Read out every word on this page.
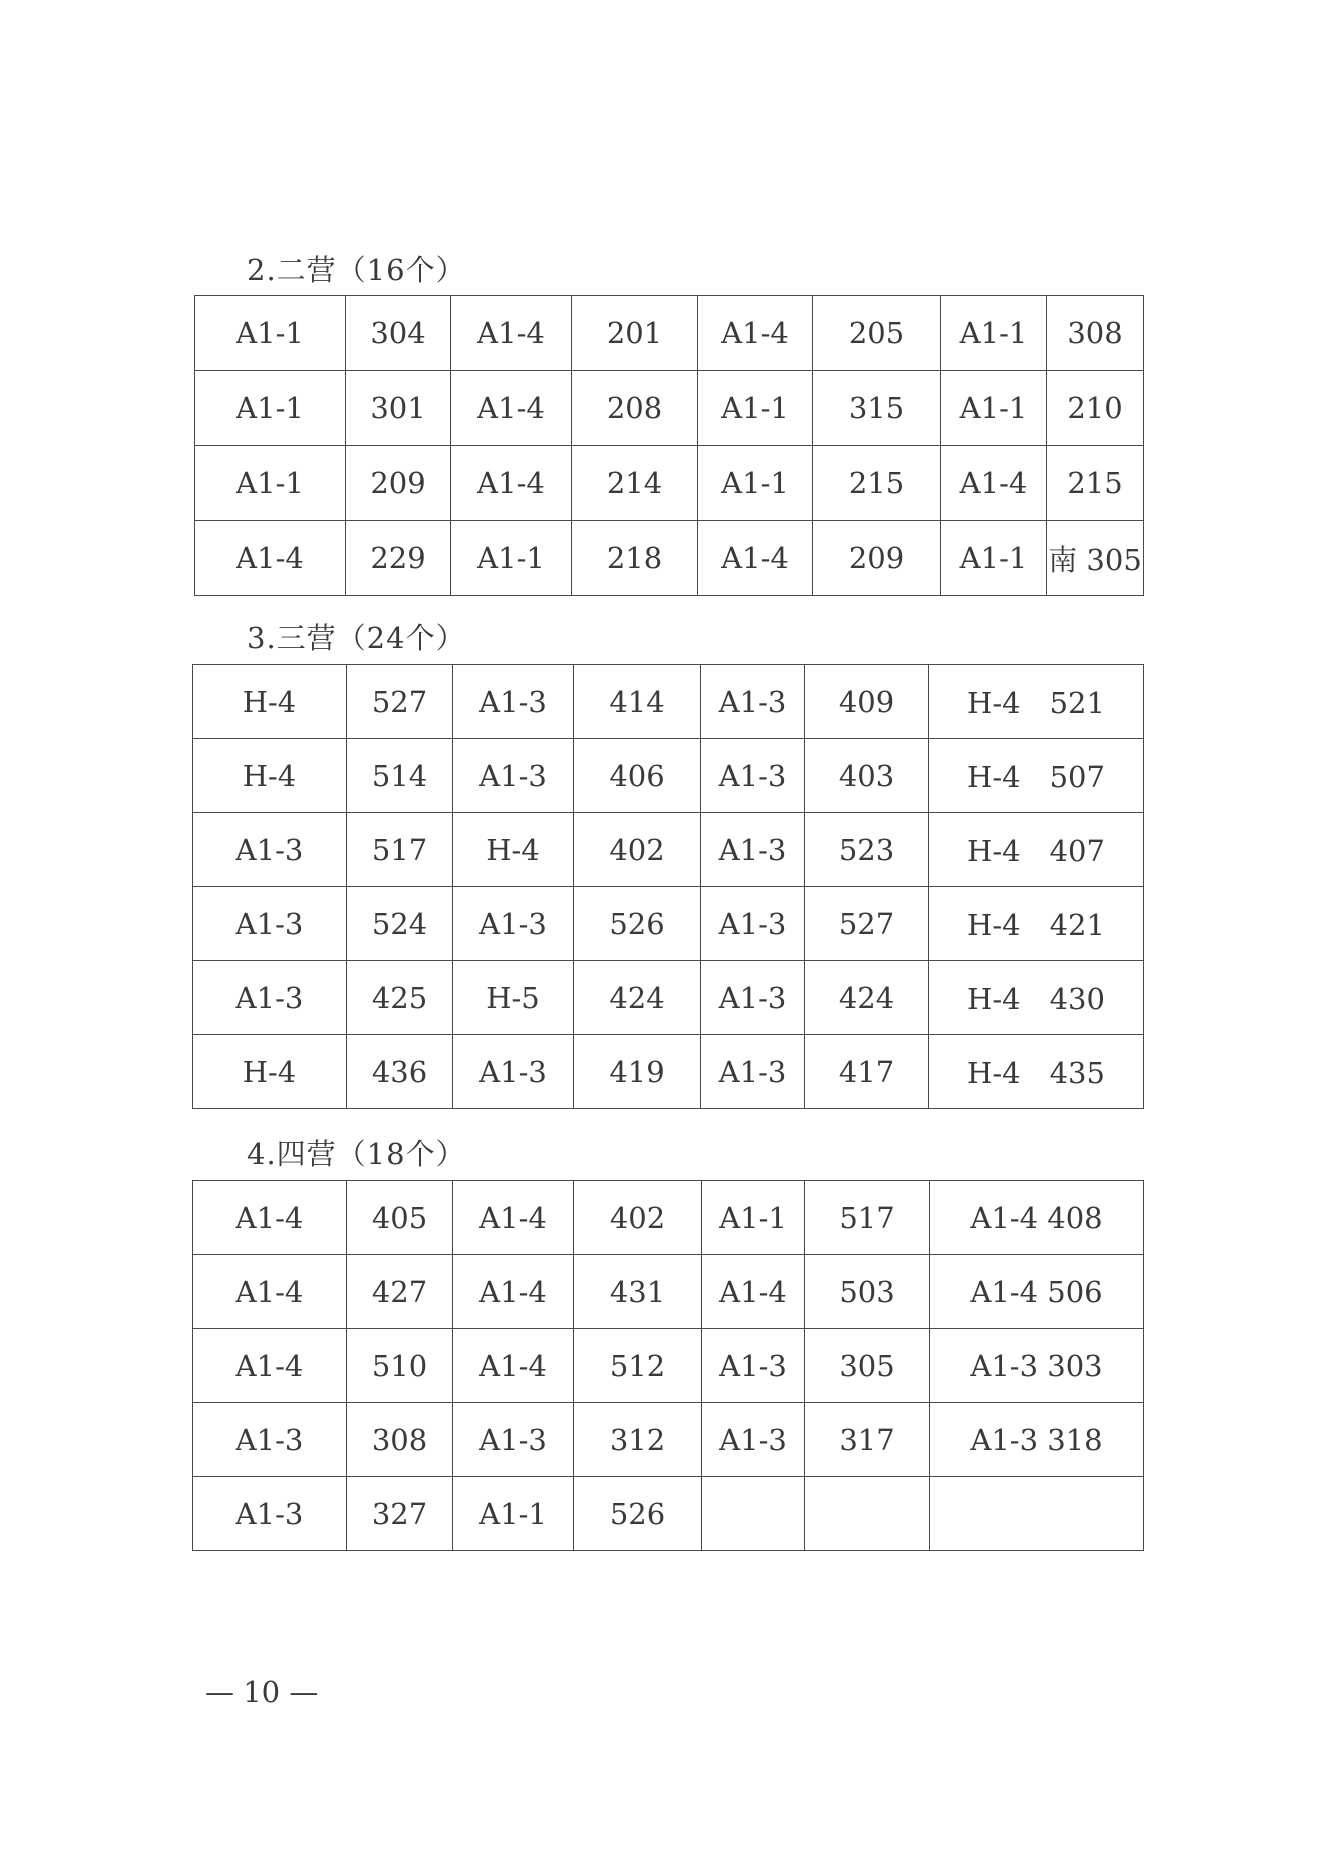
2.二营（16个）
A1-1	304	A1-4	201	A1-4	205	A1-1	308
A1-1	301	A1-4	208	A1-1	315	A1-1	210
A1-1	209	A1-4	214	A1-1	215	A1-4	215
A1-4	229	A1-1	218	A1-4	209	A1-1	南 305
3.三营（24个）
H-4	527	A1-3	414	A1-3	409	H-4　521
H-4	514	A1-3	406	A1-3	403	H-4　507
A1-3	517	H-4	402	A1-3	523	H-4　407
A1-3	524	A1-3	526	A1-3	527	H-4　421
A1-3	425	H-5	424	A1-3	424	H-4　430
H-4	436	A1-3	419	A1-3	417	H-4　435
4.四营（18个）
A1-4	405	A1-4	402	A1-1	517	A1-4 408
A1-4	427	A1-4	431	A1-4	503	A1-4 506
A1-4	510	A1-4	512	A1-3	305	A1-3 303
A1-3	308	A1-3	312	A1-3	317	A1-3 318
A1-3	327	A1-1	526			
— 10 —
